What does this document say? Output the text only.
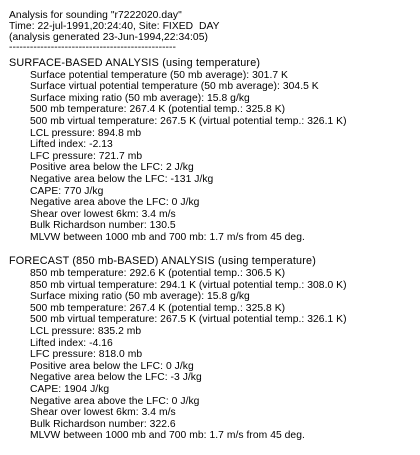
Analysis for sounding "r7222020.day"
Time: 22-jul-1991,20:24:40, Site: FIXED  DAY
(analysis generated 23-Jun-1994,22:34:05)
------------------------------------------------
SURFACE-BASED ANALYSIS (using temperature)
Surface potential temperature (50 mb average): 301.7 K
Surface virtual potential temperature (50 mb average): 304.5 K
Surface mixing ratio (50 mb average): 15.8 g/kg
500 mb temperature: 267.4 K (potential temp.: 325.8 K)
500 mb virtual temperature: 267.5 K (virtual potential temp.: 326.1 K)
LCL pressure: 894.8 mb
Lifted index: -2.13
LFC pressure: 721.7 mb
Positive area below the LFC: 2 J/kg
Negative area below the LFC: -131 J/kg
CAPE: 770 J/kg
Negative area above the LFC: 0 J/kg
Shear over lowest 6km: 3.4 m/s
Bulk Richardson number: 130.5
MLVW between 1000 mb and 700 mb: 1.7 m/s from 45 deg.
FORECAST (850 mb-BASED) ANALYSIS (using temperature)
850 mb temperature: 292.6 K (potential temp.: 306.5 K)
850 mb virtual temperature: 294.1 K (virtual potential temp.: 308.0 K)
Surface mixing ratio (50 mb average): 15.8 g/kg
500 mb temperature: 267.4 K (potential temp.: 325.8 K)
500 mb virtual temperature: 267.5 K (virtual potential temp.: 326.1 K)
LCL pressure: 835.2 mb
Lifted index: -4.16
LFC pressure: 818.0 mb
Positive area below the LFC: 0 J/kg
Negative area below the LFC: -3 J/kg
CAPE: 1904 J/kg
Negative area above the LFC: 0 J/kg
Shear over lowest 6km: 3.4 m/s
Bulk Richardson number: 322.6
MLVW between 1000 mb and 700 mb: 1.7 m/s from 45 deg.
